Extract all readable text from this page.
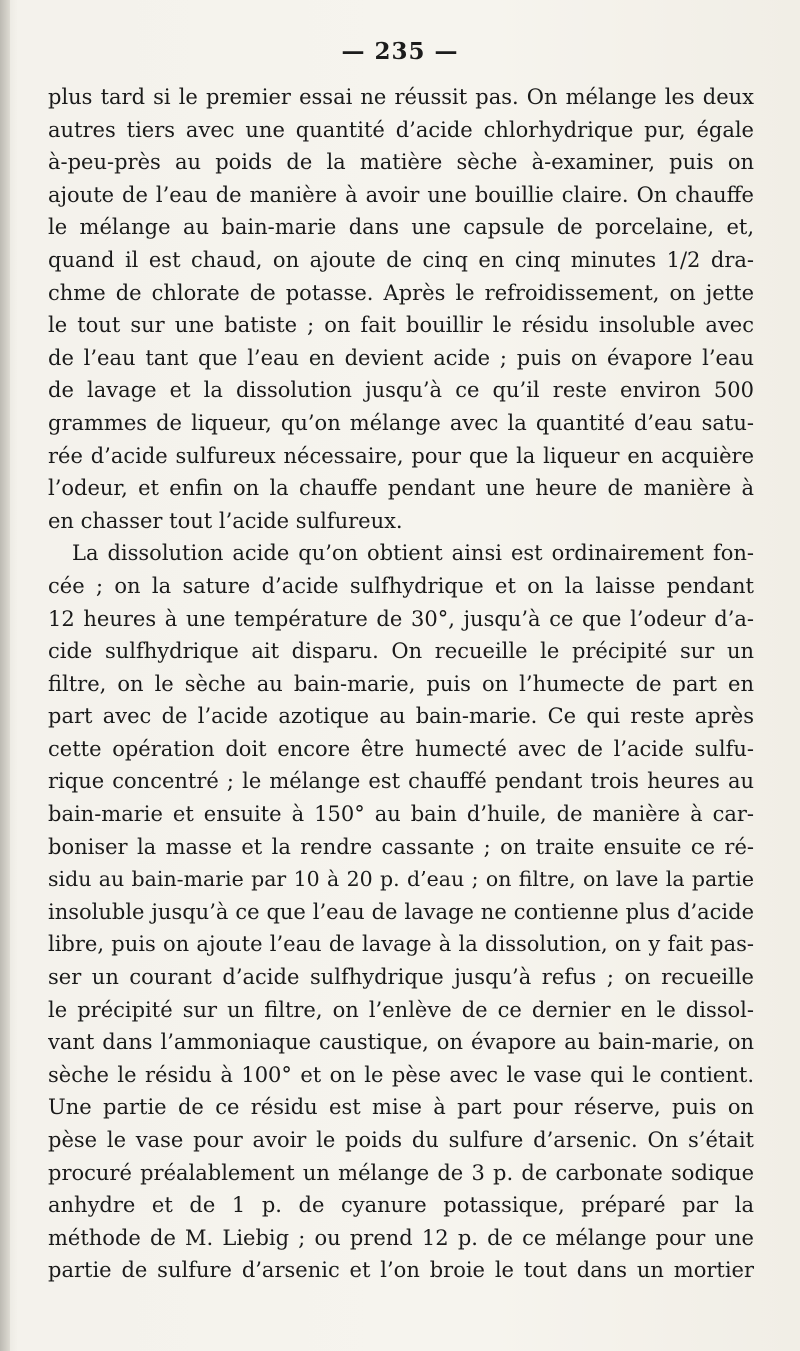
— 235 —
plus tard si le premier essai ne réussit pas. On mélange les deux
autres tiers avec une quantité d’acide chlorhydrique pur, égale
à-peu-près au poids de la matière sèche à-examiner, puis on
ajoute de l’eau de manière à avoir une bouillie claire. On chauffe
le mélange au bain-marie dans une capsule de porcelaine, et,
quand il est chaud, on ajoute de cinq en cinq minutes 1/2 dra-
chme de chlorate de potasse. Après le refroidissement, on jette
le tout sur une batiste ; on fait bouillir le résidu insoluble avec
de l’eau tant que l’eau en devient acide ; puis on évapore l’eau
de lavage et la dissolution jusqu’à ce qu’il reste environ 500
grammes de liqueur, qu’on mélange avec la quantité d’eau satu-
rée d’acide sulfureux nécessaire, pour que la liqueur en acquière
l’odeur, et enfin on la chauffe pendant une heure de manière à
en chasser tout l’acide sulfureux.
La dissolution acide qu’on obtient ainsi est ordinairement fon-
cée ; on la sature d’acide sulfhydrique et on la laisse pendant
12 heures à une température de 30°, jusqu’à ce que l’odeur d’a-
cide sulfhydrique ait disparu. On recueille le précipité sur un
filtre, on le sèche au bain-marie, puis on l’humecte de part en
part avec de l’acide azotique au bain-marie. Ce qui reste après
cette opération doit encore être humecté avec de l’acide sulfu-
rique concentré ; le mélange est chauffé pendant trois heures au
bain-marie et ensuite à 150° au bain d’huile, de manière à car-
boniser la masse et la rendre cassante ; on traite ensuite ce ré-
sidu au bain-marie par 10 à 20 p. d’eau ; on filtre, on lave la partie
insoluble jusqu’à ce que l’eau de lavage ne contienne plus d’acide
libre, puis on ajoute l’eau de lavage à la dissolution, on y fait pas-
ser un courant d’acide sulfhydrique jusqu’à refus ; on recueille
le précipité sur un filtre, on l’enlève de ce dernier en le dissol-
vant dans l’ammoniaque caustique, on évapore au bain-marie, on
sèche le résidu à 100° et on le pèse avec le vase qui le contient.
Une partie de ce résidu est mise à part pour réserve, puis on
pèse le vase pour avoir le poids du sulfure d’arsenic. On s’était
procuré préalablement un mélange de 3 p. de carbonate sodique
anhydre et de 1 p. de cyanure potassique, préparé par la
méthode de M. Liebig ; ou prend 12 p. de ce mélange pour une
partie de sulfure d’arsenic et l’on broie le tout dans un mortier
